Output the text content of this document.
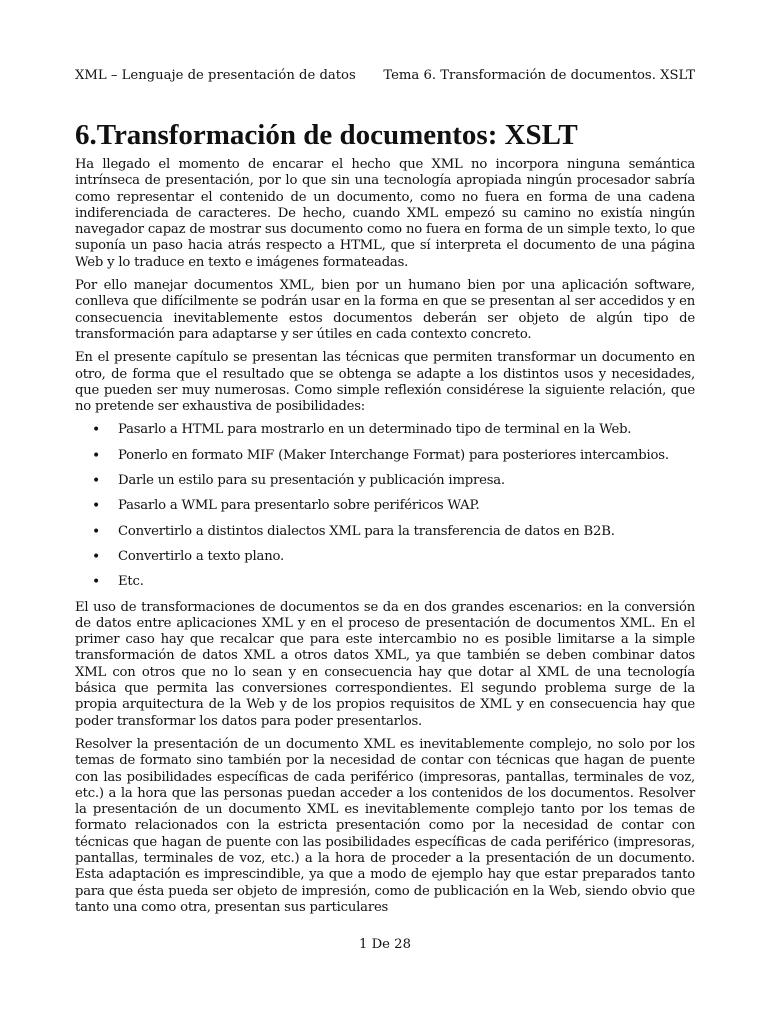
XML – Lenguaje de presentación de datos Tema 6. Transformación de documentos. XSLT
6.Transformación de documentos: XSLT

Ha llegado el momento de encarar el hecho que XML no incorpora ninguna semántica intrínseca de presentación, por lo que sin una tecnología apropiada ningún procesador sabría como representar el contenido de un documento, como no fuera en forma de una cadena indiferenciada de caracteres. De hecho, cuando XML empezó su camino no existía ningún navegador capaz de mostrar sus documento como no fuera en forma de un simple texto, lo que suponía un paso hacia atrás respecto a HTML, que sí interpreta el documento de una página Web y lo traduce en texto e imágenes formateadas.

Por ello manejar documentos XML, bien por un humano bien por una aplicación software, conlleva que difícilmente se podrán usar en la forma en que se presentan al ser accedidos y en consecuencia inevitablemente estos documentos deberán ser objeto de algún tipo de transformación para adaptarse y ser útiles en cada contexto concreto.

En el presente capítulo se presentan las técnicas que permiten transformar un documento en otro, de forma que el resultado que se obtenga se adapte a los distintos usos y necesidades, que pueden ser muy numerosas. Como simple reflexión considérese la siguiente relación, que no pretende ser exhaustiva de posibilidades:

• Pasarlo a HTML para mostrarlo en un determinado tipo de terminal en la Web.
• Ponerlo en formato MIF (Maker Interchange Format) para posteriores intercambios.
• Darle un estilo para su presentación y publicación impresa.
• Pasarlo a WML para presentarlo sobre periféricos WAP.
• Convertirlo a distintos dialectos XML para la transferencia de datos en B2B.
• Convertirlo a texto plano.
• Etc.

El uso de transformaciones de documentos se da en dos grandes escenarios: en la conversión de datos entre aplicaciones XML y en el proceso de presentación de documentos XML. En el primer caso hay que recalcar que para este intercambio no es posible limitarse a la simple transformación de datos XML a otros datos XML, ya que también se deben combinar datos XML con otros que no lo sean y en consecuencia hay que dotar al XML de una tecnología básica que permita las conversiones correspondientes. El segundo problema surge de la propia arquitectura de la Web y de los propios requisitos de XML y en consecuencia hay que poder transformar los datos para poder presentarlos.

Resolver la presentación de un documento XML es inevitablemente complejo, no solo por los temas de formato sino también por la necesidad de contar con técnicas que hagan de puente con las posibilidades específicas de cada periférico (impresoras, pantallas, terminales de voz, etc.) a la hora que las personas puedan acceder a los contenidos de los documentos. Resolver la presentación de un documento XML es inevitablemente complejo tanto por los temas de formato relacionados con la estricta presentación como por la necesidad de contar con técnicas que hagan de puente con las posibilidades específicas de cada periférico (impresoras, pantallas, terminales de voz, etc.) a la hora de proceder a la presentación de un documento. Esta adaptación es imprescindible, ya que a modo de ejemplo hay que estar preparados tanto para que ésta pueda ser objeto de impresión, como de publicación en la Web, siendo obvio que tanto una como otra, presentan sus particulares

1 De 28
